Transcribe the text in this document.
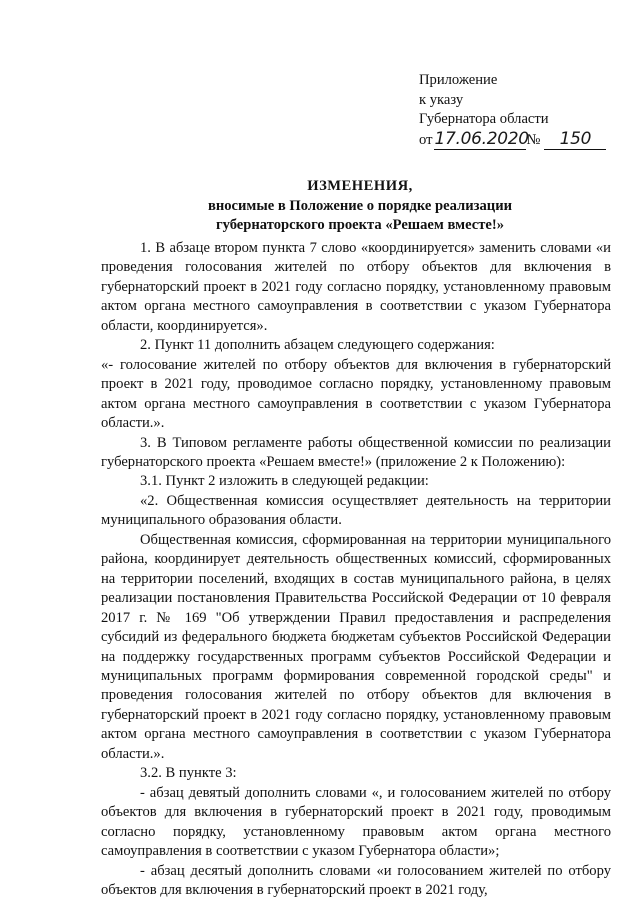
Приложение
к указу
Губернатора области
от 17.06.2020№ 150
ИЗМЕНЕНИЯ,
вносимые в Положение о порядке реализации
губернаторского проекта «Решаем вместе!»

1. В абзаце втором пункта 7 слово «координируется» заменить словами «и проведения голосования жителей по отбору объектов для включения в губернаторский проект в 2021 году согласно порядку, установленному правовым актом органа местного самоуправления в соответствии с указом Губернатора области, координируется».

2. Пункт 11 дополнить абзацем следующего содержания:

«- голосование жителей по отбору объектов для включения в губернаторский проект в 2021 году, проводимое согласно порядку, установленному правовым актом органа местного самоуправления в соответствии с указом Губернатора области.».

3. В Типовом регламенте работы общественной комиссии по реализации губернаторского проекта «Решаем вместе!» (приложение 2 к Положению):

3.1. Пункт 2 изложить в следующей редакции:

«2. Общественная комиссия осуществляет деятельность на территории муниципального образования области.

Общественная комиссия, сформированная на территории муниципального района, координирует деятельность общественных комиссий, сформированных на территории поселений, входящих в состав муниципального района, в целях реализации постановления Правительства Российской Федерации от 10 февраля 2017 г. № 169 "Об утверждении Правил предоставления и распределения субсидий из федерального бюджета бюджетам субъектов Российской Федерации на поддержку государственных программ субъектов Российской Федерации и муниципальных программ формирования современной городской среды" и проведения голосования жителей по отбору объектов для включения в губернаторский проект в 2021 году согласно порядку, установленному правовым актом органа местного самоуправления в соответствии с указом Губернатора области.».

3.2. В пункте 3:

- абзац девятый дополнить словами «, и голосованием жителей по отбору объектов для включения в губернаторский проект в 2021 году, проводимым согласно порядку, установленному правовым актом органа местного самоуправления в соответствии с указом Губернатора области»;

- абзац десятый дополнить словами «и голосованием жителей по отбору объектов для включения в губернаторский проект в 2021 году,
